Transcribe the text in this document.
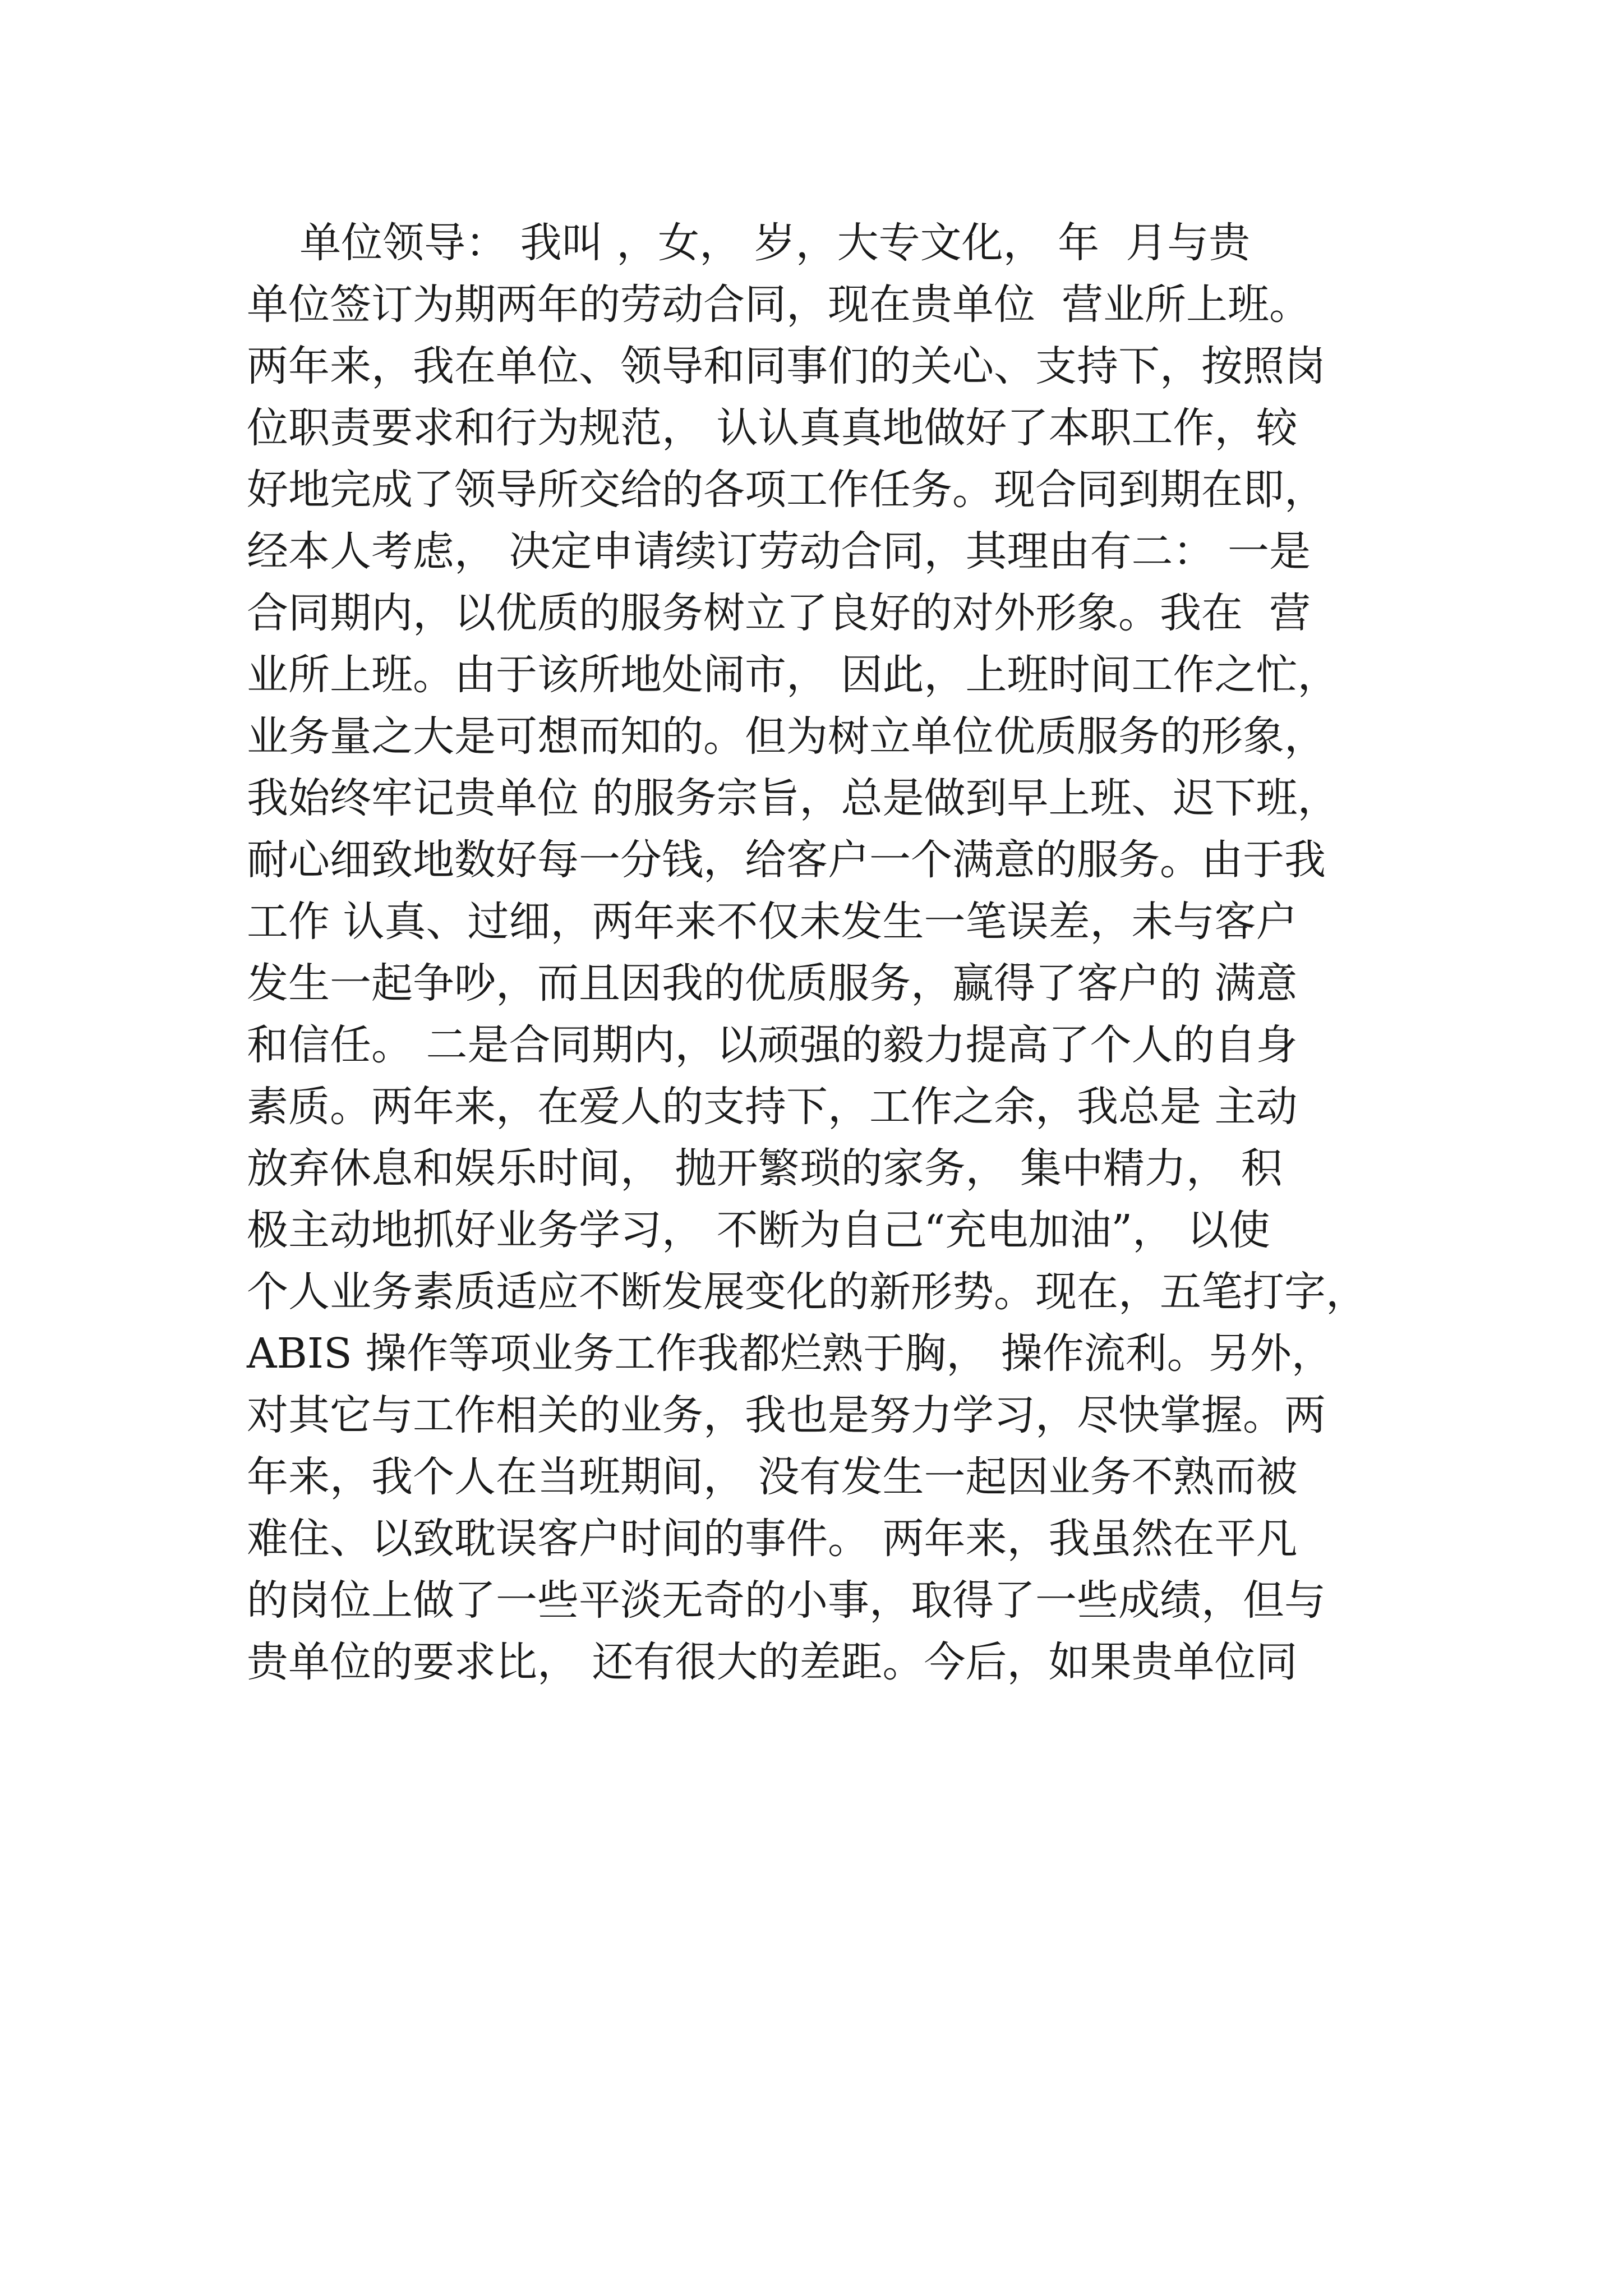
单位领导： 我叫 ，女， 岁，大专文化， 年  月与贵
单位签订为期两年的劳动合同，现在贵单位  营业所上班。
两年来，我在单位、领导和同事们的关心、支持下，按照岗
位职责要求和行为规范， 认认真真地做好了本职工作，较
好地完成了领导所交给的各项工作任务。现合同到期在即，
经本人考虑， 决定申请续订劳动合同，其理由有二： 一是
合同期内，以优质的服务树立了良好的对外形象。我在  营
业所上班。由于该所地处闹市， 因此，上班时间工作之忙，
业务量之大是可想而知的。但为树立单位优质服务的形象，
我始终牢记贵单位 的服务宗旨，总是做到早上班、迟下班，
耐心细致地数好每一分钱，给客户一个满意的服务。由于我
工作 认真、过细，两年来不仅未发生一笔误差，未与客户
发生一起争吵，而且因我的优质服务，赢得了客户的 满意
和信任。 二是合同期内，以顽强的毅力提高了个人的自身
素质。两年来，在爱人的支持下，工作之余，我总是 主动
放弃休息和娱乐时间， 抛开繁琐的家务， 集中精力， 积
极主动地抓好业务学习， 不断为自己“充电加油”， 以使
个人业务素质适应不断发展变化的新形势。现在，五笔打字，
ABIS 操作等项业务工作我都烂熟于胸， 操作流利。另外，
对其它与工作相关的业务，我也是努力学习，尽快掌握。两
年来，我个人在当班期间， 没有发生一起因业务不熟而被
难住、以致耽误客户时间的事件。 两年来，我虽然在平凡
的岗位上做了一些平淡无奇的小事，取得了一些成绩，但与
贵单位的要求比， 还有很大的差距。今后，如果贵单位同
